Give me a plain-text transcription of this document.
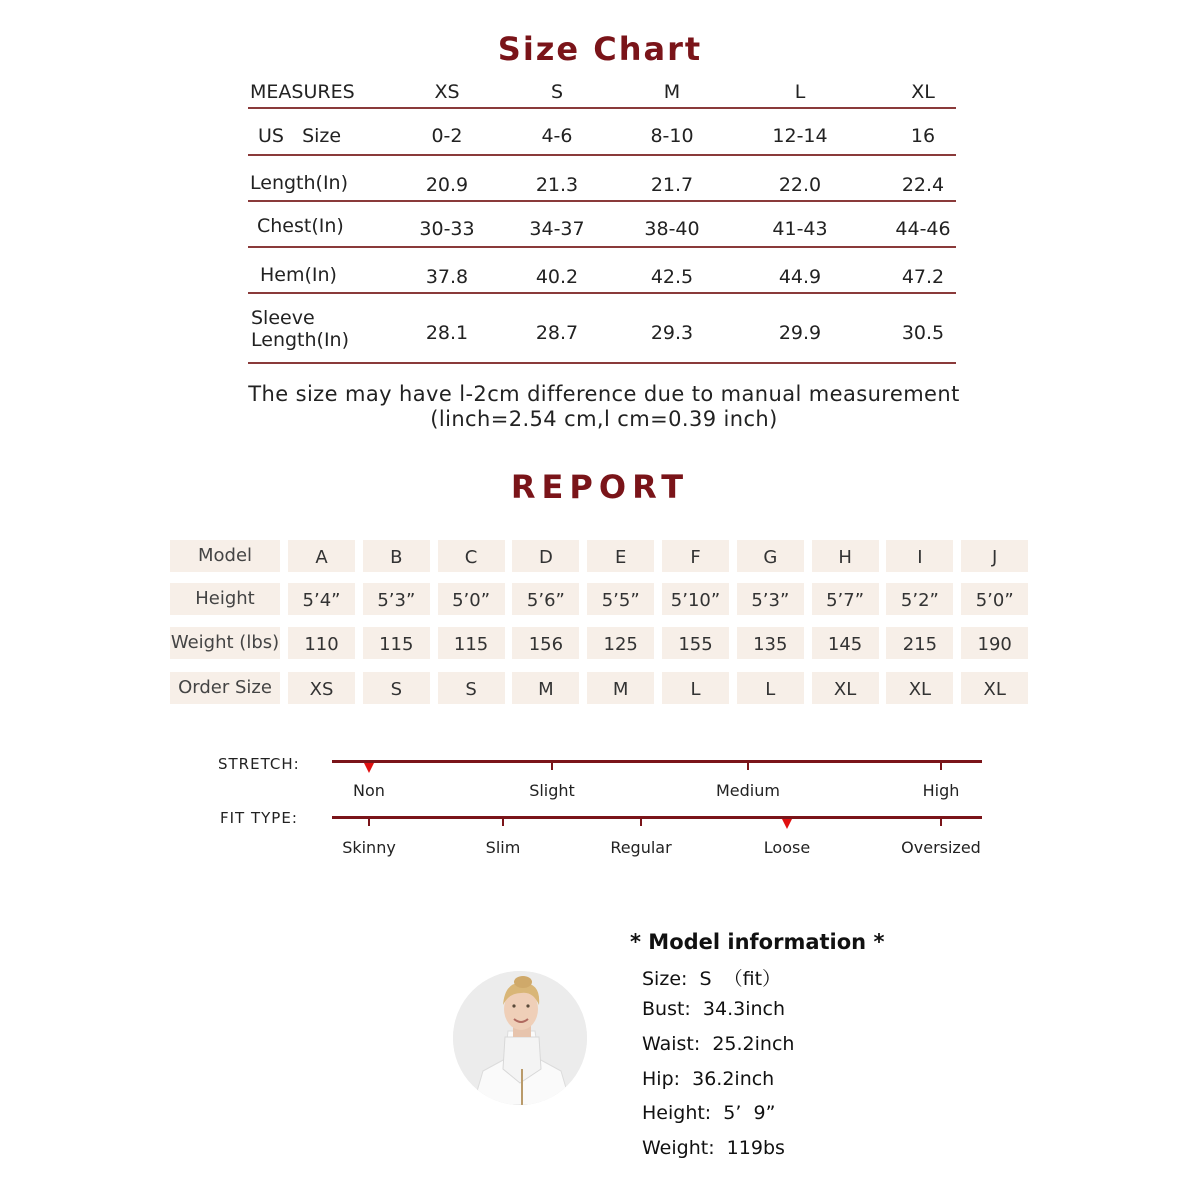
Size Chart
MEASURES	XS	S	M	L	XL
US   Size	0-2	4-6	8-10	12-14	16
Length(In)	20.9	21.3	21.7	22.0	22.4
Chest(In)	30-33	34-37	38-40	41-43	44-46
Hem(In)	37.8	40.2	42.5	44.9	47.2
Sleeve
Length(In)	28.1	28.7	29.3	29.9	30.5
The size may have l-2cm difference due to manual measurement
(linch=2.54 cm,l cm=0.39 inch)
REPORT
Model	A	B	C	D	E	F	G	H	I	J
Height	5’4”	5’3”	5’0”	5’6”	5’5”	5’10”	5’3”	5’7”	5’2”	5’0”
Weight (lbs)	110	115	115	156	125	155	135	145	215	190
Order Size	XS	S	S	M	M	L	L	XL	XL	XL
STRETCH:
Non	Slight	Medium	High
FIT TYPE:
Skinny	Slim	Regular	Loose	Oversized
* Model information *
Size:  S  （fit）
Bust:  34.3inch
Waist:  25.2inch
Hip:  36.2inch
Height:  5’  9”
Weight:  119bs
